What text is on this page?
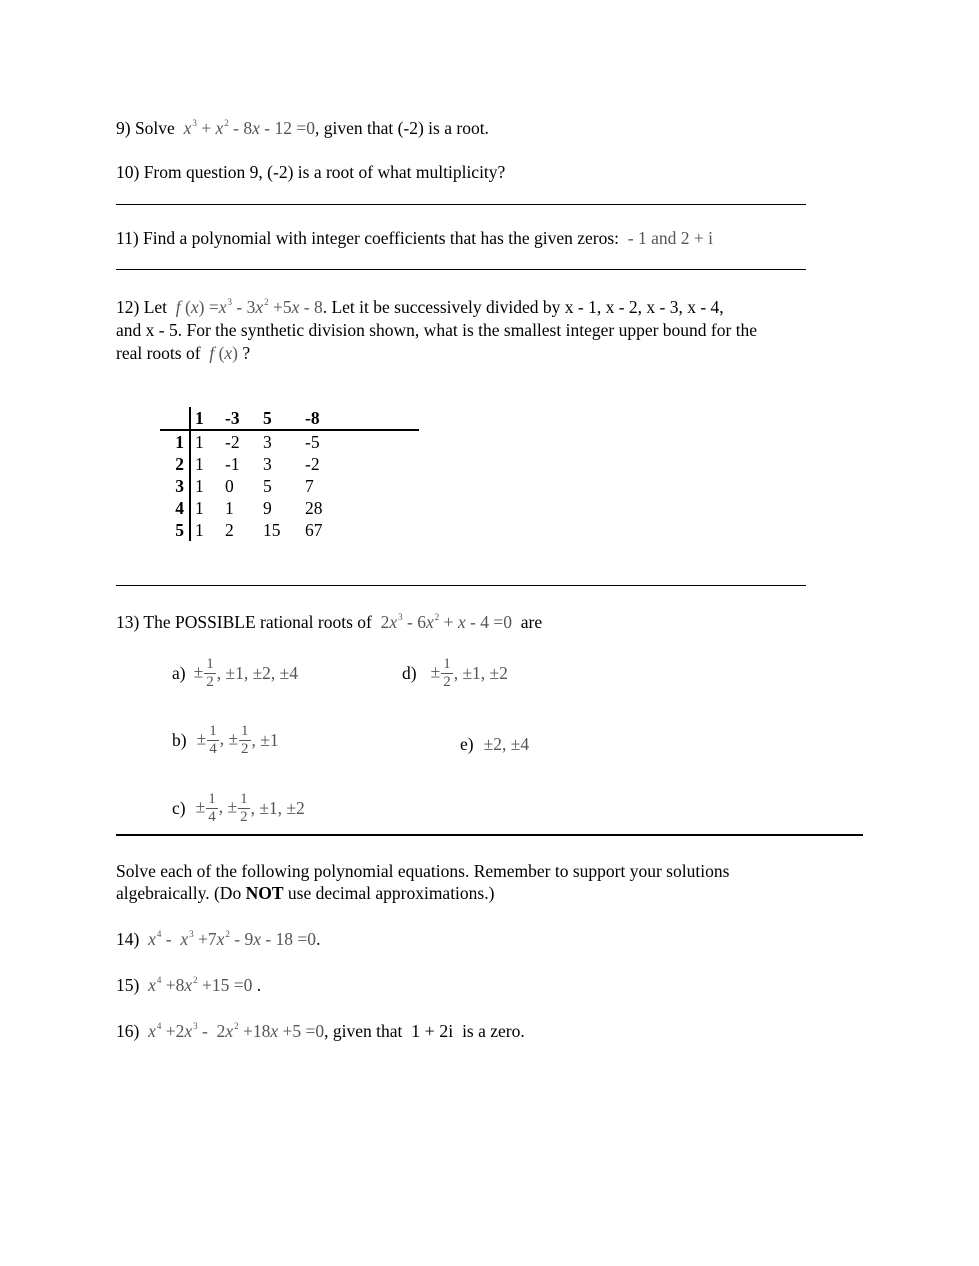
9) Solve $x^3 + x^2 - 8x - 12 =0$, given that (-2) is a root.
10) From question 9, (-2) is a root of what multiplicity?
11) Find a polynomial with integer coefficients that has the given zeros: - 1 and 2 + i
12) Let f $(x) =x^3 - 3x^2 +5x - 8$. Let it be successively divided by x - 1, x - 2, x - 3, x - 4,
and x - 5. For the synthetic division shown, what is the smallest integer upper bound for the
real roots of f (x) ?
	1	-3	5	-8
1	1	-2	3	-5
2	1	-1	3	-2
3	1	0	5	7
4	1	1	9	28
5	1	2	15	67
13) The POSSIBLE rational roots of  $2x^3 - 6x^2 + x - 4 =0$ are
$a) \pm \frac{1}{2}$ , ±1, ±2, ±4	$d) \pm \frac{1}{2}$ , ±1, ±2
$b) \pm \frac{1}{4}$ , ± $\frac{1}{2}$ , ±1	e) ±2, ±4
$c) \pm \frac{1}{4}$ , ± $\frac{1}{2}$ , ±1, ±2
Solve each of the following polynomial equations. Remember to support your solutions
algebraically. (Do NOT use decimal approximations.)
14) $x^4 - x^3 +7x^2 - 9x - 18 =0$.
15) $x^4 +8x^2 +15 =0$ .
16) $x^4 +2x^3 - 2x^2 +18x +5 =0$, given that 1 + 2i is a zero.
